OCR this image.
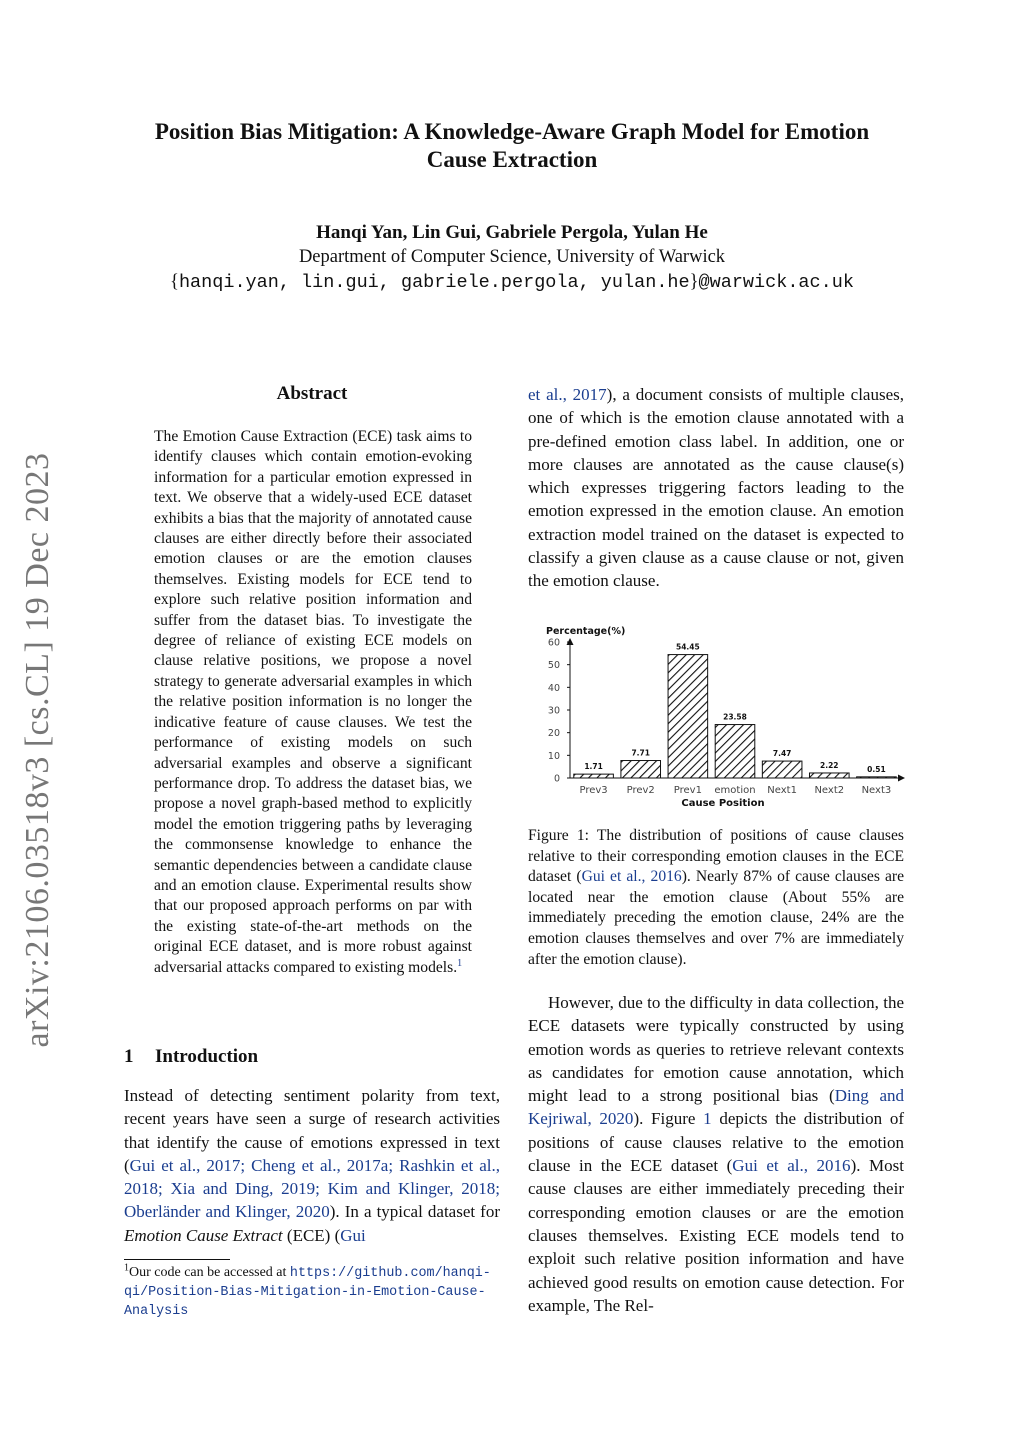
Position Bias Mitigation: A Knowledge-Aware Graph Model for Emotion
Cause Extraction
Hanqi Yan, Lin Gui, Gabriele Pergola, Yulan He
Department of Computer Science, University of Warwick
{hanqi.yan, lin.gui, gabriele.pergola, yulan.he}@warwick.ac.uk
arXiv:2106.03518v3 [cs.CL] 19 Dec 2023
Abstract
The Emotion Cause Extraction (ECE) task aims to identify clauses which contain emotion-evoking information for a particular emotion expressed in text. We observe that a widely-used ECE dataset exhibits a bias that the majority of annotated cause clauses are either directly before their associated emotion clauses or are the emotion clauses themselves. Existing models for ECE tend to explore such relative position information and suffer from the dataset bias. To investigate the degree of reliance of existing ECE models on clause relative positions, we propose a novel strategy to generate adversarial examples in which the relative position information is no longer the indicative feature of cause clauses. We test the performance of existing models on such adversarial examples and observe a significant performance drop. To address the dataset bias, we propose a novel graph-based method to explicitly model the emotion triggering paths by leveraging the commonsense knowledge to enhance the semantic dependencies between a candidate clause and an emotion clause. Experimental results show that our proposed approach performs on par with the existing state-of-the-art methods on the original ECE dataset, and is more robust against adversarial attacks compared to existing models.$^1$
1 Introduction
Instead of detecting sentiment polarity from text, recent years have seen a surge of research activities that identify the cause of emotions expressed in text (Gui et al., 2017; Cheng et al., 2017a; Rashkin et al., 2018; Xia and Ding, 2019; Kim and Klinger, 2018; Oberländer and Klinger, 2020). In a typical dataset for Emotion Cause Extract (ECE) (Gui
$^1$Our code can be accessed at https://github.com/hanqi-qi/Position-Bias-Mitigation-in-Emotion-Cause-Analysis
et al., 2017), a document consists of multiple clauses, one of which is the emotion clause annotated with a pre-defined emotion class label. In addition, one or more clauses are annotated as the cause clause(s) which expresses triggering factors leading to the emotion expressed in the emotion clause. An emotion extraction model trained on the dataset is expected to classify a given clause as a cause clause or not, given the emotion clause.
Percentage(%)
0
10
20
30
40
50
60
1.71
7.71
54.45
23.58
7.47
2.22	0.51
Prev3 Prev2 Prev1 emotion Next1 Next2 Next3
Cause Position
Figure 1: The distribution of positions of cause clauses relative to their corresponding emotion clauses in the ECE dataset (Gui et al., 2016). Nearly 87% of cause clauses are located near the emotion clause (About 55% are immediately preceding the emotion clause, 24% are the emotion clauses themselves and over 7% are immediately after the emotion clause).
However, due to the difficulty in data collection, the ECE datasets were typically constructed by using emotion words as queries to retrieve relevant contexts as candidates for emotion cause annotation, which might lead to a strong positional bias (Ding and Kejriwal, 2020). Figure 1 depicts the distribution of positions of cause clauses relative to the emotion clause in the ECE dataset (Gui et al., 2016). Most cause clauses are either immediately preceding their corresponding emotion clauses or are the emotion clauses themselves. Existing ECE models tend to exploit such relative position information and have achieved good results on emotion cause detection. For example, The Rel-
